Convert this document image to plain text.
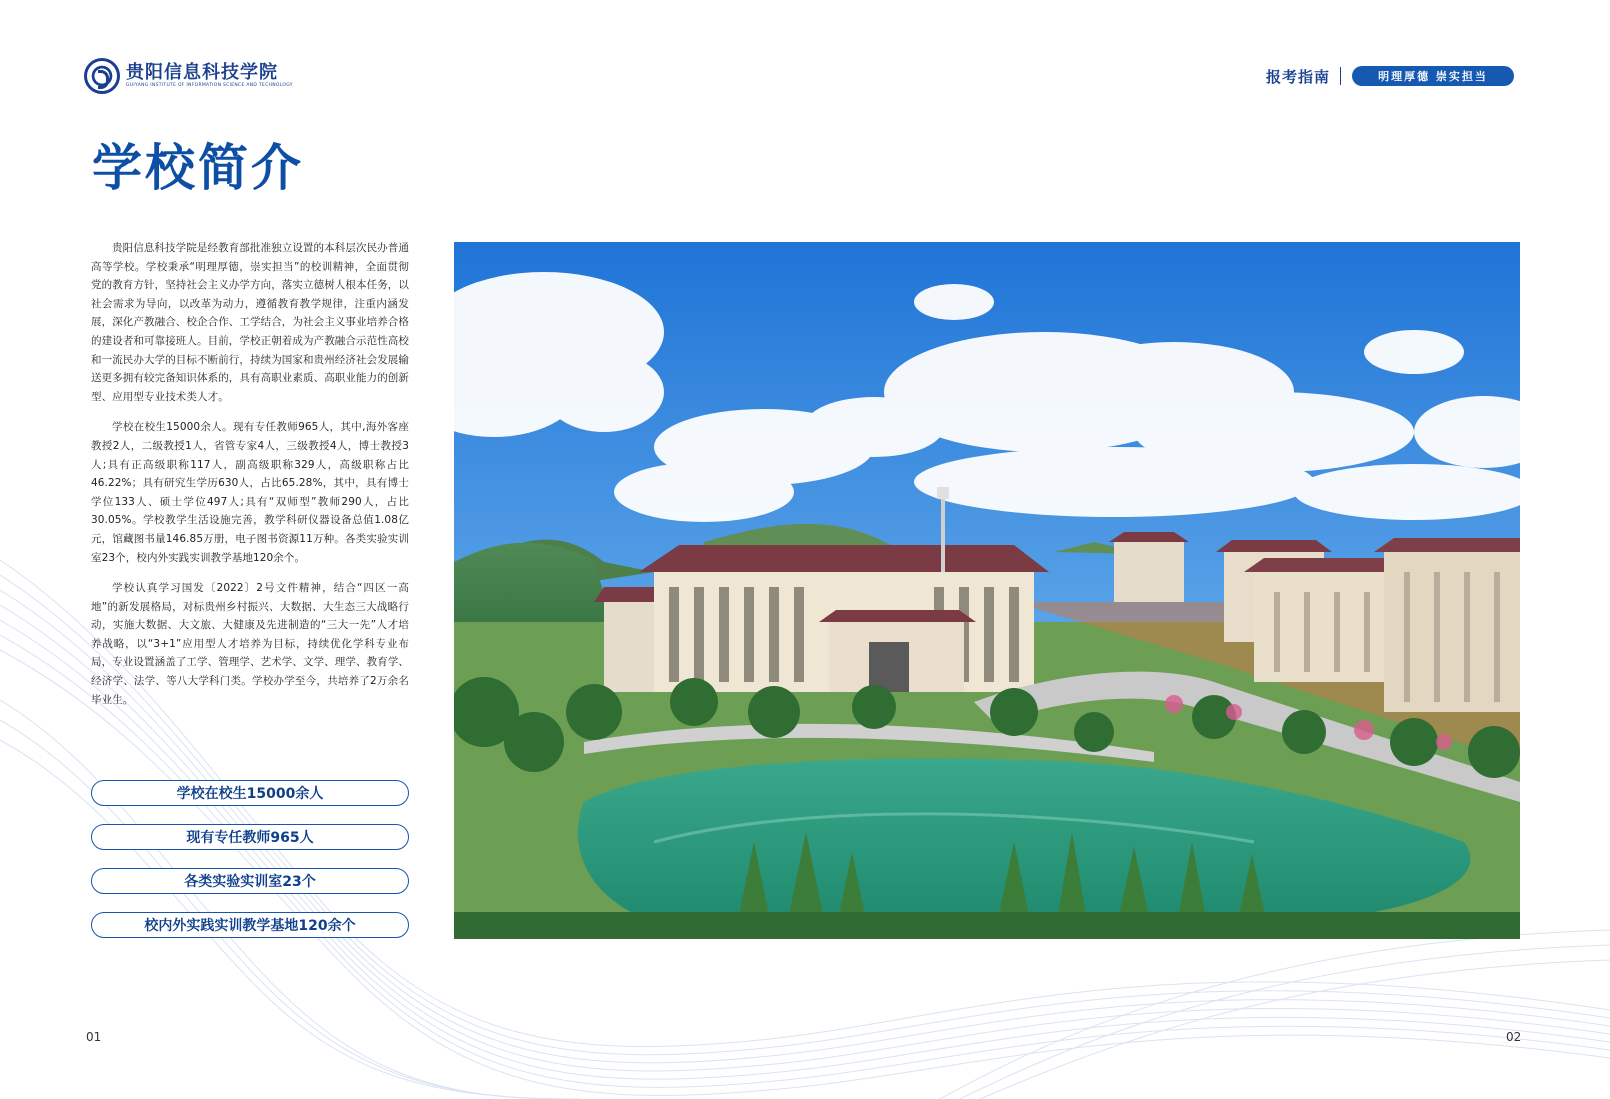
贵阳信息科技学院
GUIYANG INSTITUTE OF INFORMATION SCIENCE AND TECHNOLOGY	报考指南	明理厚德 崇实担当
学校简介

贵阳信息科技学院是经教育部批准独立设置的本科层次民办普通高等学校。学校秉承“明理厚德，崇实担当”的校训精神，全面贯彻党的教育方针，坚持社会主义办学方向，落实立德树人根本任务，以社会需求为导向，以改革为动力，遵循教育教学规律，注重内涵发展，深化产教融合、校企合作、工学结合，为社会主义事业培养合格的建设者和可靠接班人。目前，学校正朝着成为产教融合示范性高校和一流民办大学的目标不断前行，持续为国家和贵州经济社会发展输送更多拥有较完备知识体系的，具有高职业素质、高职业能力的创新型、应用型专业技术类人才。

学校在校生15000余人。现有专任教师965人，其中,海外客座教授2人，二级教授1人，省管专家4人，三级教授4人，博士教授3人;具有正高级职称117人，副高级职称329人，高级职称占比46.22%；具有研究生学历630人，占比65.28%，其中，具有博士学位133人、硕士学位497人;具有“双师型”教师290人，占比30.05%。学校教学生活设施完善，教学科研仪器设备总值1.08亿元，馆藏图书量146.85万册，电子图书资源11万种。各类实验实训室23个，校内外实践实训教学基地120余个。

学校认真学习国发〔2022〕2号文件精神，结合“四区一高地”的新发展格局，对标贵州乡村振兴、大数据、大生态三大战略行动，实施大数据、大文旅、大健康及先进制造的“三大一先”人才培养战略，以“3+1”应用型人才培养为目标，持续优化学科专业布局，专业设置涵盖了工学、管理学、艺术学、文学、理学、教育学、经济学、法学、等八大学科门类。学校办学至今，共培养了2万余名毕业生。

学校在校生15000余人
现有专任教师965人
各类实验实训室23个
校内外实践实训教学基地120余个
01	02
